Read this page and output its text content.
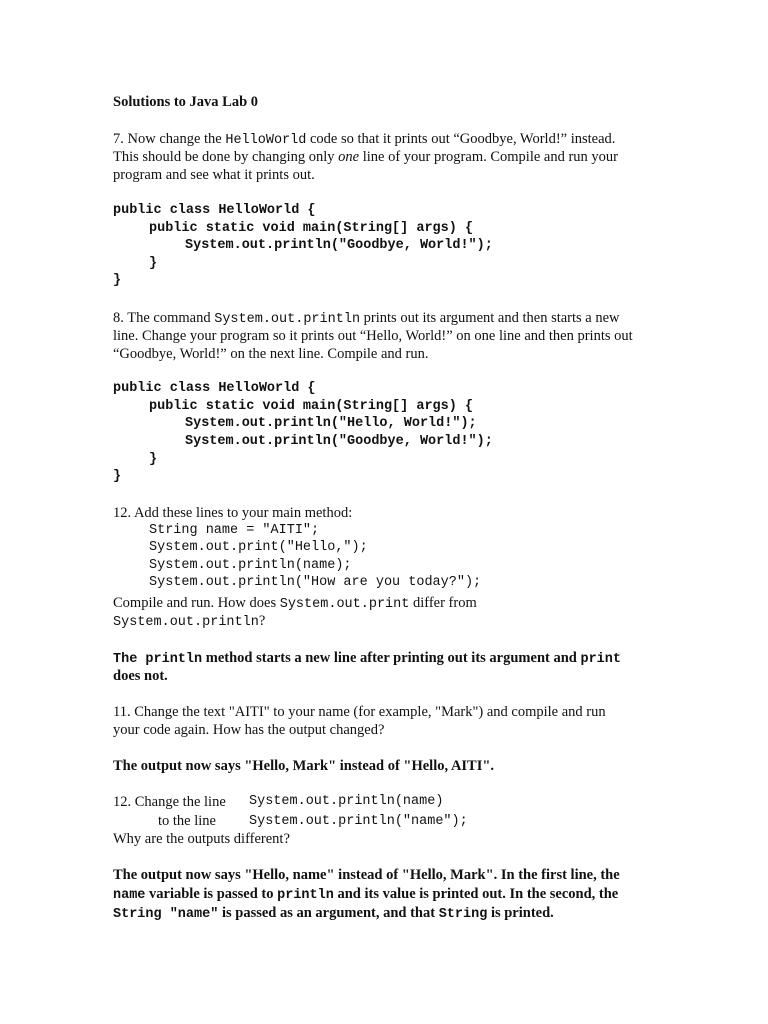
Solutions to Java Lab 0
7. Now change the HelloWorld code so that it prints out “Goodbye, World!” instead.
This should be done by changing only one line of your program. Compile and run your
program and see what it prints out.
public class HelloWorld {
public static void main(String[] args) {
System.out.println("Goodbye, World!");
}
}
8. The command System.out.println prints out its argument and then starts a new
line. Change your program so it prints out “Hello, World!” on one line and then prints out
“Goodbye, World!” on the next line. Compile and run.
public class HelloWorld {
public static void main(String[] args) {
System.out.println("Hello, World!");
System.out.println("Goodbye, World!");
}
}
12. Add these lines to your main method:
String name = "AITI";
System.out.print("Hello,");
System.out.println(name);
System.out.println("How are you today?");
Compile and run. How does System.out.print differ from
System.out.println?
The println method starts a new line after printing out its argument and print
does not.
11. Change the text "AITI" to your name (for example, "Mark") and compile and run
your code again. How has the output changed?
The output now says "Hello, Mark" instead of "Hello, AITI".
12. Change the line System.out.println(name)
to the line System.out.println("name");
Why are the outputs different?
The output now says "Hello, name" instead of "Hello, Mark". In the first line, the
name variable is passed to println and its value is printed out. In the second, the
String "name" is passed as an argument, and that String is printed.
